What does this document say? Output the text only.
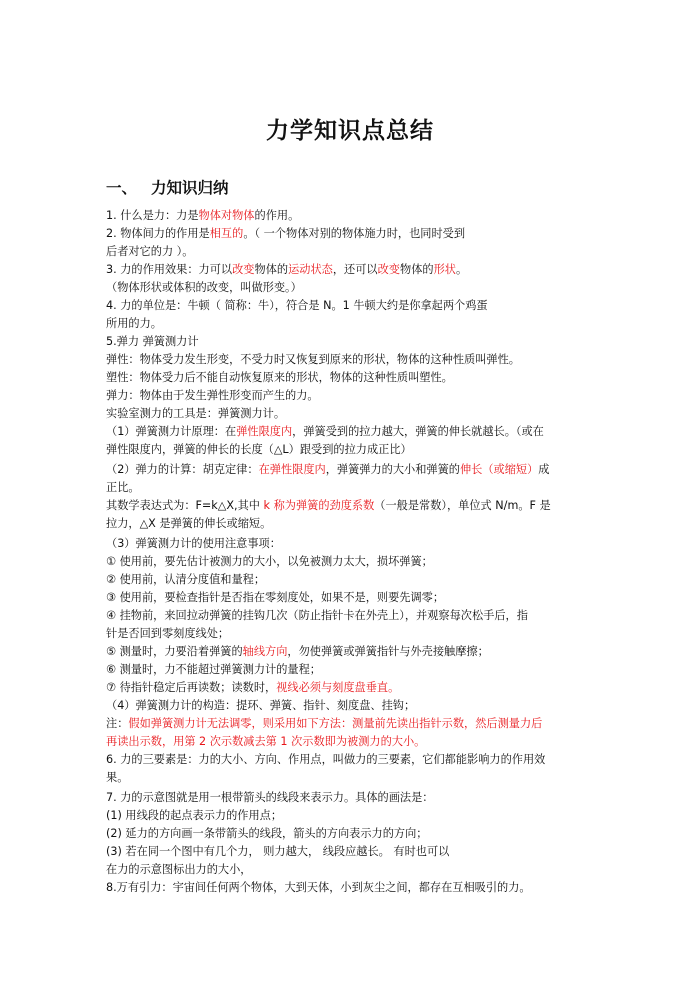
力学知识点总结
一、 力知识归纳
1. 什么是力：力是物体对物体的作用。
2. 物体间力的作用是相互的。（ 一个物体对别的物体施力时，也同时受到
后者对它的力 ）。
3. 力的作用效果：力可以改变物体的运动状态，还可以改变物体的形状。
（物体形状或体积的改变，叫做形变。）
4. 力的单位是：牛顿（ 简称：牛），符合是 N。1 牛顿大约是你拿起两个鸡蛋
所用的力。
5.弹力 弹簧测力计
弹性：物体受力发生形变，不受力时又恢复到原来的形状，物体的这种性质叫弹性。
塑性：物体受力后不能自动恢复原来的形状，物体的这种性质叫塑性。
弹力：物体由于发生弹性形变而产生的力。
实验室测力的工具是：弹簧测力计。
（1）弹簧测力计原理：在弹性限度内，弹簧受到的拉力越大，弹簧的伸长就越长。（或在
弹性限度内，弹簧的伸长的长度（△L）跟受到的拉力成正比）
（2）弹力的计算：胡克定律：在弹性限度内，弹簧弹力的大小和弹簧的伸长（或缩短）成
正比。
其数学表达式为：F=k△X,其中 k 称为弹簧的劲度系数（一般是常数），单位式 N/m。F 是
拉力，△X 是弹簧的伸长或缩短。
（3）弹簧测力计的使用注意事项：
① 使用前，要先估计被测力的大小，以免被测力太大，损坏弹簧；
② 使用前，认清分度值和量程；
③ 使用前，要检查指针是否指在零刻度处，如果不是，则要先调零；
④ 挂物前，来回拉动弹簧的挂钩几次（防止指针卡在外壳上），并观察每次松手后，指
针是否回到零刻度线处；
⑤ 测量时，力要沿着弹簧的轴线方向，勿使弹簧或弹簧指针与外壳接触摩擦；
⑥ 测量时，力不能超过弹簧测力计的量程；
⑦ 待指针稳定后再读数；读数时，视线必须与刻度盘垂直。
（4）弹簧测力计的构造：提环、弹簧、指针、刻度盘、挂钩；
注：假如弹簧测力计无法调零，则采用如下方法：测量前先读出指针示数，然后测量力后
再读出示数，用第 2 次示数减去第 1 次示数即为被测力的大小。
6. 力的三要素是：力的大小、方向、作用点，叫做力的三要素，它们都能影响力的作用效
果。
7. 力的示意图就是用一根带箭头的线段来表示力。具体的画法是：
(1) 用线段的起点表示力的作用点；
(2) 延力的方向画一条带箭头的线段，箭头的方向表示力的方向；
(3) 若在同一个图中有几个力， 则力越大， 线段应越长。 有时也可以
在力的示意图标出力的大小，
8.万有引力：宇宙间任何两个物体，大到天体，小到灰尘之间，都存在互相吸引的力。
